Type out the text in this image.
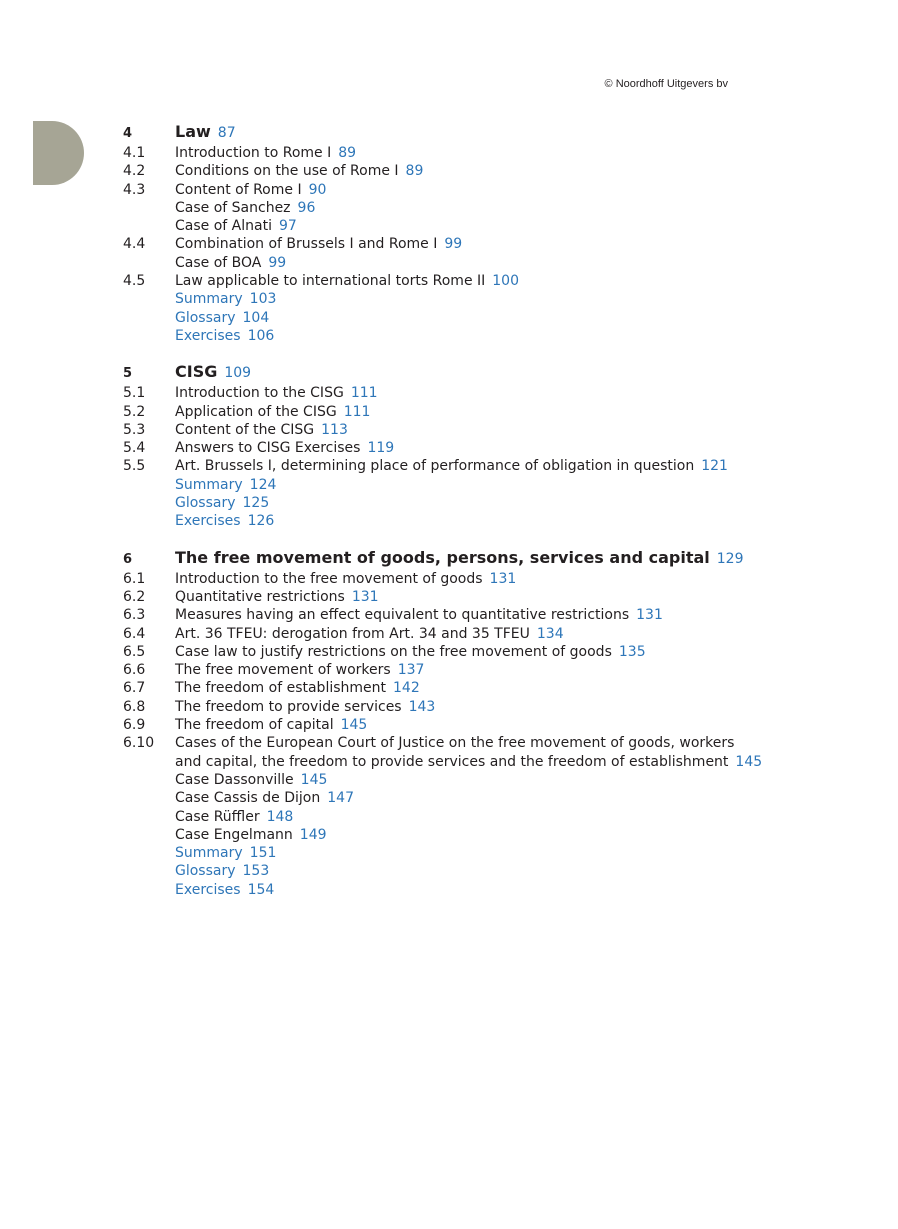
© Noordhoff Uitgevers bv
4	Law 87
4.1	Introduction to Rome I 89
4.2	Conditions on the use of Rome I 89
4.3	Content of Rome I 90
Case of Sanchez 96
Case of Alnati 97
4.4	Combination of Brussels I and Rome I 99
Case of BOA 99
4.5	Law applicable to international torts Rome II 100
Summary 103
Glossary 104
Exercises 106
5	CISG 109
5.1	Introduction to the CISG 111
5.2	Application of the CISG 111
5.3	Content of the CISG 113
5.4	Answers to CISG Exercises 119
5.5	Art. Brussels I, determining place of performance of obligation in question 121
Summary 124
Glossary 125
Exercises 126
6	The free movement of goods, persons, services and capital 129
6.1	Introduction to the free movement of goods 131
6.2	Quantitative restrictions 131
6.3	Measures having an effect equivalent to quantitative restrictions 131
6.4	Art. 36 TFEU: derogation from Art. 34 and 35 TFEU 134
6.5	Case law to justify restrictions on the free movement of goods 135
6.6	The free movement of workers 137
6.7	The freedom of establishment 142
6.8	The freedom to provide services 143
6.9	The freedom of capital 145
6.10	Cases of the European Court of Justice on the free movement of goods, workers and capital, the freedom to provide services and the freedom of establishment 145
Case Dassonville 145
Case Cassis de Dijon 147
Case Rüffler 148
Case Engelmann 149
Summary 151
Glossary 153
Exercises 154
